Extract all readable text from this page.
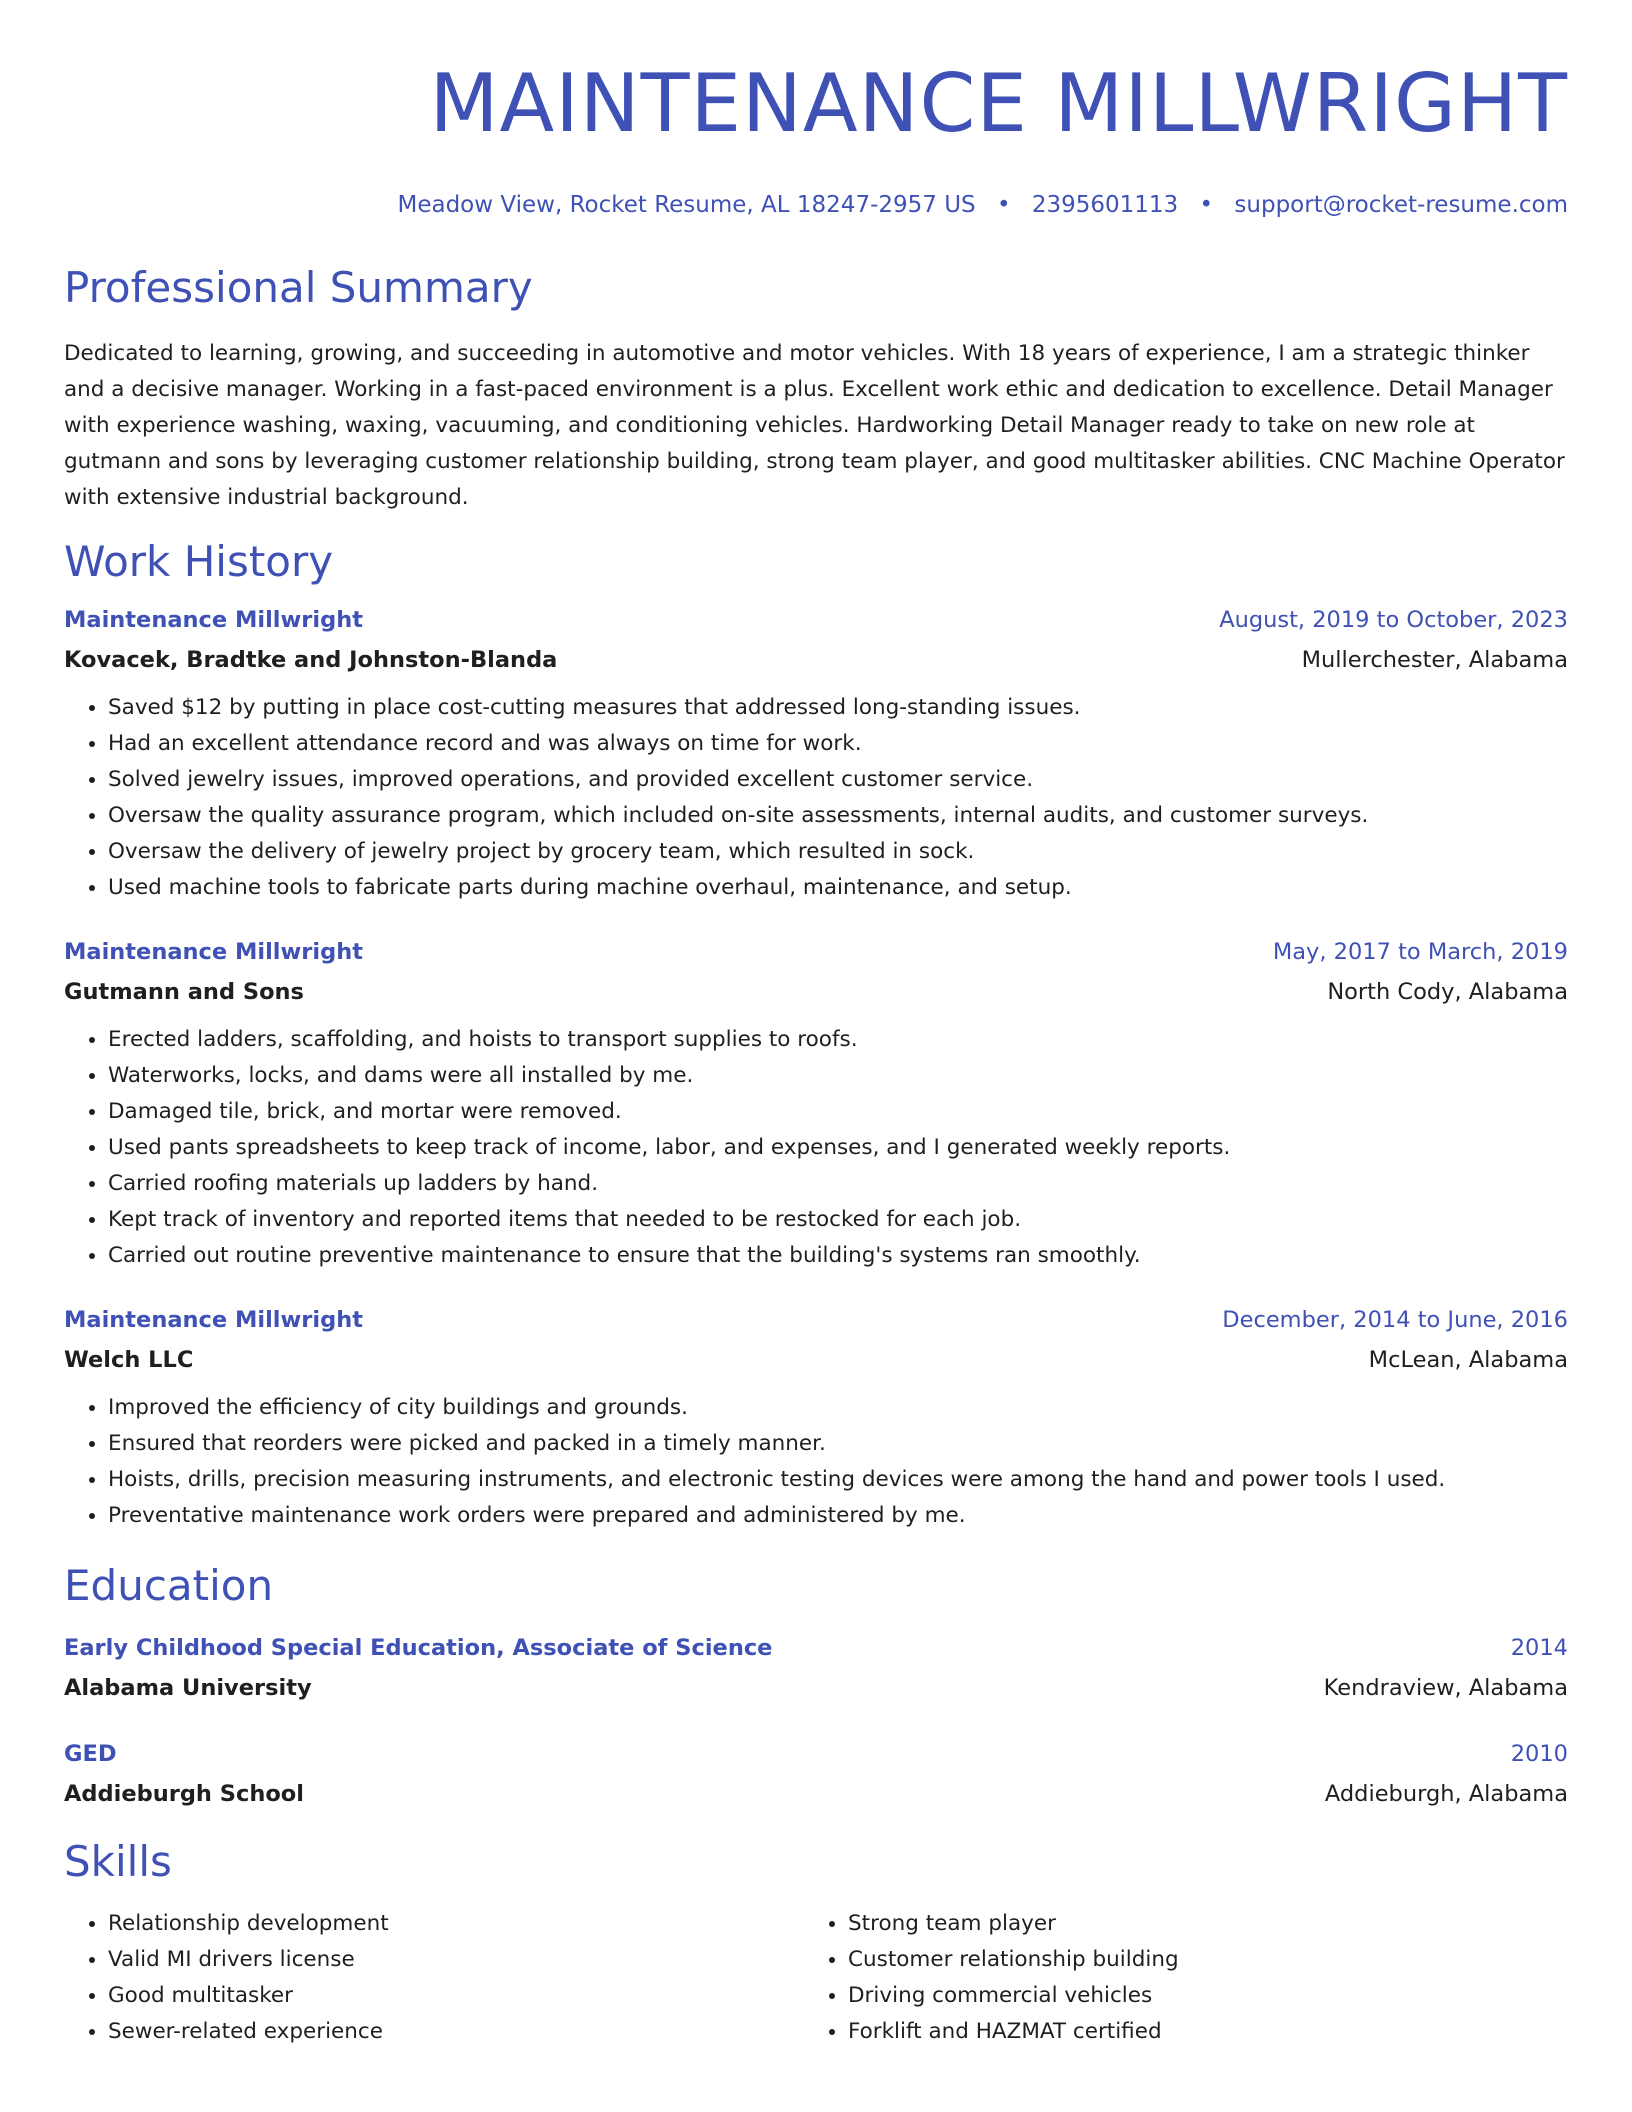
MAINTENANCE MILLWRIGHT
Meadow View, Rocket Resume, AL 18247-2957 US • 2395601113 • support@rocket-resume.com
Professional Summary
Dedicated to learning, growing, and succeeding in automotive and motor vehicles. With 18 years of experience, I am a strategic thinker and a decisive manager. Working in a fast-paced environment is a plus. Excellent work ethic and dedication to excellence. Detail Manager with experience washing, waxing, vacuuming, and conditioning vehicles. Hardworking Detail Manager ready to take on new role at gutmann and sons by leveraging customer relationship building, strong team player, and good multitasker abilities. CNC Machine Operator with extensive industrial background.
Work History
Maintenance Millwright	August, 2019 to October, 2023
Kovacek, Bradtke and Johnston-Blanda	Mullerchester, Alabama
• Saved $12 by putting in place cost-cutting measures that addressed long-standing issues.
• Had an excellent attendance record and was always on time for work.
• Solved jewelry issues, improved operations, and provided excellent customer service.
• Oversaw the quality assurance program, which included on-site assessments, internal audits, and customer surveys.
• Oversaw the delivery of jewelry project by grocery team, which resulted in sock.
• Used machine tools to fabricate parts during machine overhaul, maintenance, and setup.
Maintenance Millwright	May, 2017 to March, 2019
Gutmann and Sons	North Cody, Alabama
• Erected ladders, scaffolding, and hoists to transport supplies to roofs.
• Waterworks, locks, and dams were all installed by me.
• Damaged tile, brick, and mortar were removed.
• Used pants spreadsheets to keep track of income, labor, and expenses, and I generated weekly reports.
• Carried roofing materials up ladders by hand.
• Kept track of inventory and reported items that needed to be restocked for each job.
• Carried out routine preventive maintenance to ensure that the building's systems ran smoothly.
Maintenance Millwright	December, 2014 to June, 2016
Welch LLC	McLean, Alabama
• Improved the efficiency of city buildings and grounds.
• Ensured that reorders were picked and packed in a timely manner.
• Hoists, drills, precision measuring instruments, and electronic testing devices were among the hand and power tools I used.
• Preventative maintenance work orders were prepared and administered by me.
Education
Early Childhood Special Education, Associate of Science	2014
Alabama University	Kendraview, Alabama
GED	2010
Addieburgh School	Addieburgh, Alabama
Skills
• Relationship development
• Valid MI drivers license
• Good multitasker
• Sewer-related experience
• Strong team player
• Customer relationship building
• Driving commercial vehicles
• Forklift and HAZMAT certified
